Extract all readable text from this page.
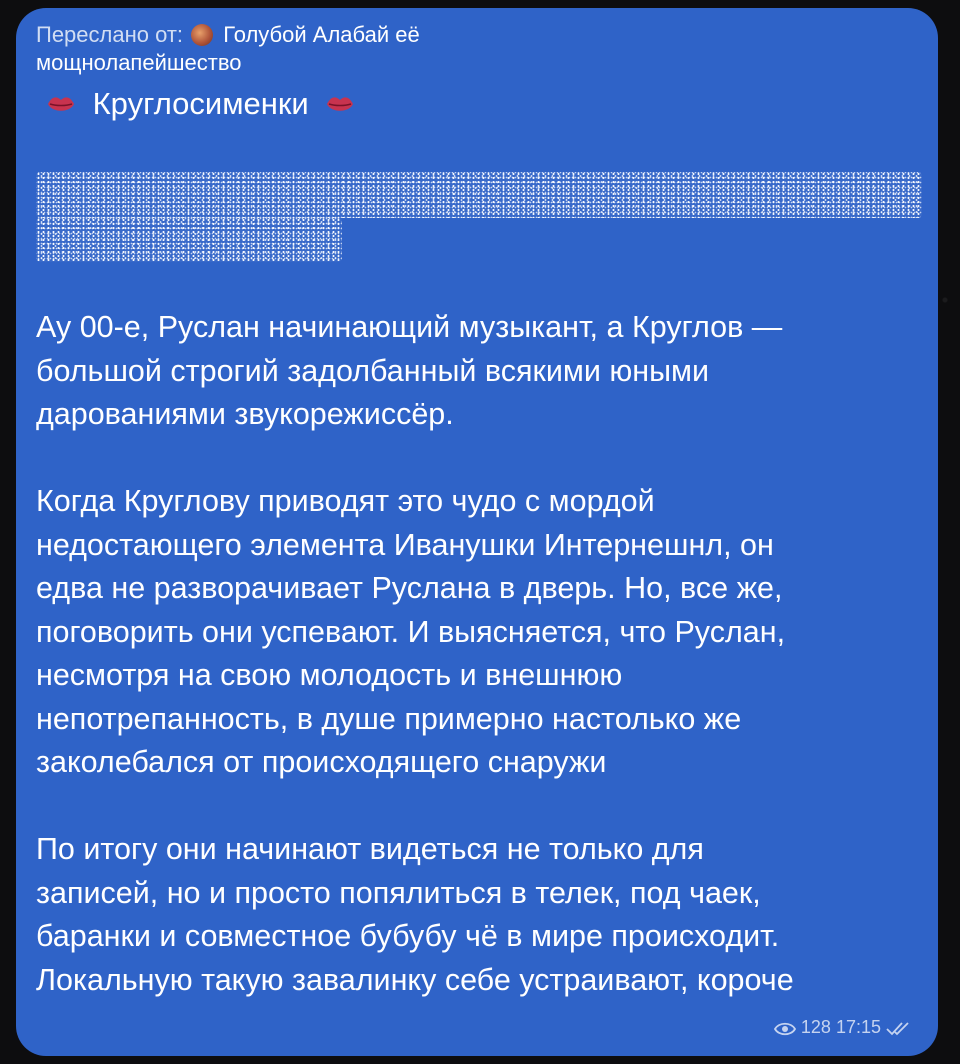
Переслано от: Голубой Алабай её
мощнолапейшество
Круглосименки

Ау 00-е, Руслан начинающий музыкант, а Круглов —
большой строгий задолбанный всякими юными
дарованиями звукорежиссёр.

Когда Круглову приводят это чудо с мордой
недостающего элемента Иванушки Интернешнл, он
едва не разворачивает Руслана в дверь. Но, все же,
поговорить они успевают. И выясняется, что Руслан,
несмотря на свою молодость и внешнюю
непотрепанность, в душе примерно настолько же
заколебался от происходящего снаружи

По итогу они начинают видеться не только для
записей, но и просто попялиться в телек, под чаек,
баранки и совместное бубубу чё в мире происходит.
Локальную такую завалинку себе устраивают, короче

128 17:15
